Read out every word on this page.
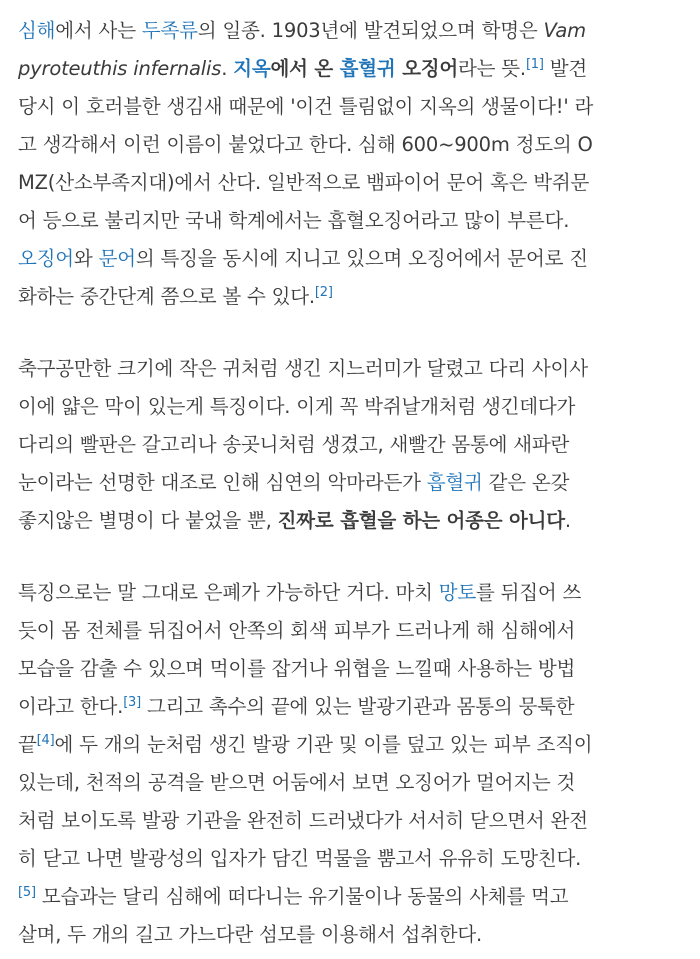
심해에서 사는 두족류의 일종. 1903년에 발견되었으며 학명은 Vam
pyroteuthis infernalis. 지옥에서 온 흡혈귀 오징어라는 뜻.[1] 발견
당시 이 호러블한 생김새 때문에 '이건 틀림없이 지옥의 생물이다!' 라
고 생각해서 이런 이름이 붙었다고 한다. 심해 600~900m 정도의 O
MZ(산소부족지대)에서 산다. 일반적으로 뱀파이어 문어 혹은 박쥐문
어 등으로 불리지만 국내 학계에서는 흡혈오징어라고 많이 부른다.
오징어와 문어의 특징을 동시에 지니고 있으며 오징어에서 문어로 진
화하는 중간단계 쯤으로 볼 수 있다.[2]
축구공만한 크기에 작은 귀처럼 생긴 지느러미가 달렸고 다리 사이사
이에 얇은 막이 있는게 특징이다. 이게 꼭 박쥐날개처럼 생긴데다가
다리의 빨판은 갈고리나 송곳니처럼 생겼고, 새빨간 몸통에 새파란
눈이라는 선명한 대조로 인해 심연의 악마라든가 흡혈귀 같은 온갖
좋지않은 별명이 다 붙었을 뿐, 진짜로 흡혈을 하는 어종은 아니다.
특징으로는 말 그대로 은폐가 가능하단 거다. 마치 망토를 뒤집어 쓰
듯이 몸 전체를 뒤집어서 안쪽의 회색 피부가 드러나게 해 심해에서
모습을 감출 수 있으며 먹이를 잡거나 위협을 느낄때 사용하는 방법
이라고 한다.[3] 그리고 촉수의 끝에 있는 발광기관과 몸통의 뭉툭한
끝[4]에 두 개의 눈처럼 생긴 발광 기관 및 이를 덮고 있는 피부 조직이
있는데, 천적의 공격을 받으면 어둠에서 보면 오징어가 멀어지는 것
처럼 보이도록 발광 기관을 완전히 드러냈다가 서서히 닫으면서 완전
히 닫고 나면 발광성의 입자가 담긴 먹물을 뿜고서 유유히 도망친다.
[5] 모습과는 달리 심해에 떠다니는 유기물이나 동물의 사체를 먹고
살며, 두 개의 길고 가느다란 섬모를 이용해서 섭취한다.
